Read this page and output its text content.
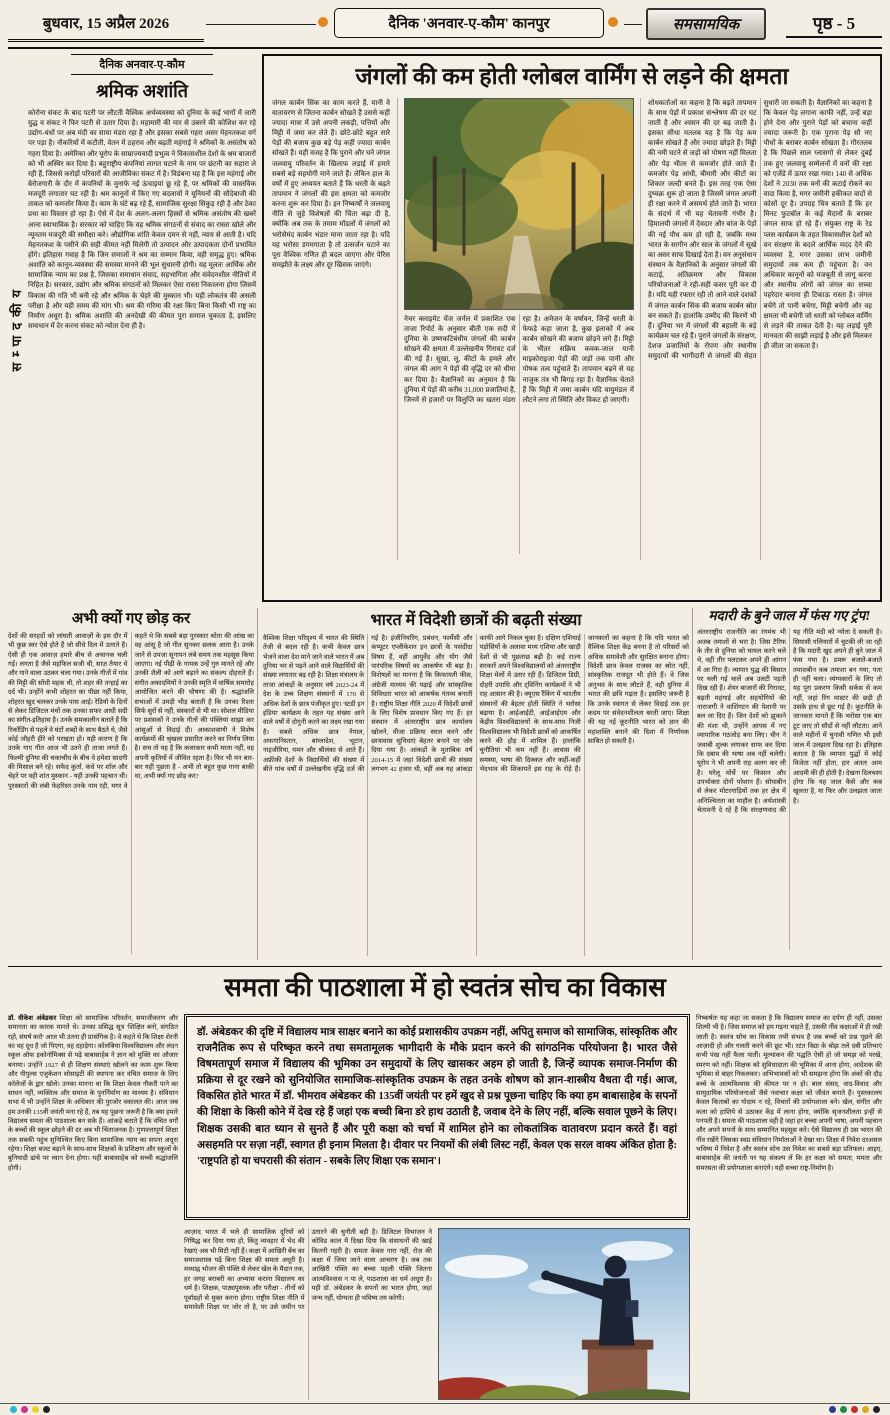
बुधवार, 15 अप्रैल 2026	दैनिक 'अनवार-ए-कौम' कानपुर	समसामयिक	पृष्ठ - 5
सम्पादकीय
दैनिक अनवार-ए-कौम
श्रमिक अशांति
कोरोना संकट के बाद पटरी पर लौटती वैश्विक अर्थव्यवस्था को दुनिया के कई भागों में जारी युद्ध व संकट ने फिर पटरी से उतार दिया है। महामारी की मार से उबरने की कोशिश कर रहे उद्योग-धंधों पर अब मंदी का साया मंडरा रहा है और इसका सबसे गहरा असर मेहनतकश वर्ग पर पड़ा है। नौकरियों में कटौती, वेतन में ठहराव और बढ़ती महंगाई ने श्रमिकों के असंतोष को गहरा दिया है। अमेरिका और यूरोप के साम्राज्यवादी प्रभुत्व ने विकासशील देशों के श्रम बाजारों को भी अस्थिर कर दिया है। बहुराष्ट्रीय कंपनियां लागत घटाने के नाम पर छंटनी का सहारा ले रही हैं, जिससे करोड़ों परिवारों की आजीविका संकट में है। विडंबना यह है कि इस महंगाई और बेरोजगारी के दौर में कंपनियों के मुनाफे नई ऊंचाइयां छू रहे हैं, पर श्रमिकों की वास्तविक मजदूरी लगातार घट रही है। श्रम कानूनों में किए गए बदलावों ने यूनियनों की सौदेबाजी की ताकत को कमजोर किया है। काम के घंटे बढ़ रहे हैं, सामाजिक सुरक्षा सिकुड़ रही है और ठेका प्रथा का विस्तार हो रहा है। ऐसे में देश के अलग-अलग हिस्सों से श्रमिक असंतोष की खबरें आना स्वाभाविक है। सरकार को चाहिए कि वह श्रमिक संगठनों से संवाद का रास्ता खोले और न्यूनतम मजदूरी की समीक्षा करे। औद्योगिक शांति केवल दमन से नहीं, न्याय से आती है। यदि मेहनतकश के पसीने की सही कीमत नहीं मिलेगी तो उत्पादन और उत्पादकता दोनों प्रभावित होंगे। इतिहास गवाह है कि जिन समाजों ने श्रम का सम्मान किया, वही समृद्ध हुए। श्रमिक अशांति को कानून-व्यवस्था की समस्या मानने की भूल सुधारनी होगी। यह मूलतः आर्थिक और सामाजिक न्याय का प्रश्न है, जिसका समाधान संवाद, सहभागिता और संवेदनशील नीतियों में निहित है। सरकार, उद्योग और श्रमिक संगठनों को मिलकर ऐसा रास्ता निकालना होगा जिसमें विकास की गति भी बनी रहे और श्रमिक के चेहरे की मुस्कान भी। यही लोकतंत्र की असली परीक्षा है और यही समय की मांग भी। श्रम की गरिमा की रक्षा किए बिना किसी भी राष्ट्र का निर्माण अधूरा है। श्रमिक अशांति की अनदेखी की कीमत पूरा समाज चुकाता है, इसलिए समाधान में देर करना संकट को न्योता देना ही है।
जंगलों की कम होती ग्लोबल वार्मिंग से लड़ने की क्षमता
जंगल कार्बन सिंक का काम करते हैं, यानी वे वातावरण से जितना कार्बन सोखते हैं उससे कहीं ज्यादा मात्रा में उसे अपनी लकड़ी, पत्तियों और मिट्टी में जमा कर लेते हैं। छोटे-छोटे बहुत सारे पेड़ों की बजाय कुछ बड़े पेड़ कहीं ज्यादा कार्बन सोखते हैं। यही वजह है कि पुराने और घने जंगल जलवायु परिवर्तन के खिलाफ लड़ाई में हमारे सबसे बड़े सहयोगी माने जाते हैं। लेकिन हाल के वर्षों में हुए अध्ययन बताते हैं कि धरती के बढ़ते तापमान ने जंगलों की इस क्षमता को कमजोर करना शुरू कर दिया है। इन निष्कर्षों ने जलवायु नीति से जुड़े विशेषज्ञों की चिंता बढ़ा दी है, क्योंकि अब तक के तमाम मॉडलों में जंगलों को भरोसेमंद कार्बन भंडार माना जाता रहा है। यदि यह भरोसा डगमगाता है तो उत्सर्जन घटाने का पूरा वैश्विक गणित ही बदल जाएगा और पेरिस समझौते के लक्ष्य और दूर खिसक जाएंगे।
नेचर क्लाइमेट चेंज जर्नल में प्रकाशित एक ताजा रिपोर्ट के अनुसार बीती एक सदी में दुनिया के उष्णकटिबंधीय जंगलों की कार्बन सोखने की क्षमता में उल्लेखनीय गिरावट दर्ज की गई है। सूखा, लू, कीटों के हमले और जंगल की आग ने पेड़ों की वृद्धि दर को धीमा कर दिया है। वैज्ञानिकों का अनुमान है कि दुनिया में पेड़ों की करीब 31,000 प्रजातियां हैं, जिनमें से हजारों पर विलुप्ति का खतरा मंडरा रहा है। अमेजन के वर्षावन, जिन्हें धरती के फेफड़े कहा जाता है, कुछ इलाकों में अब कार्बन सोखने की बजाय छोड़ने लगे हैं। मिट्टी के भीतर सक्रिय कवक-जाल यानी माइकोराइजा पेड़ों की जड़ों तक पानी और पोषक तत्व पहुंचाते हैं। तापमान बढ़ने से यह नाजुक तंत्र भी बिगड़ रहा है। वैज्ञानिक चेताते हैं कि मिट्टी में जमा कार्बन यदि वायुमंडल में लौटने लगा तो स्थिति और विकट हो जाएगी।
शोधकर्ताओं का कहना है कि बढ़ते तापमान के साथ पेड़ों में प्रकाश संश्लेषण की दर घट जाती है और श्वसन की दर बढ़ जाती है। इसका सीधा मतलब यह है कि पेड़ कम कार्बन सोखते हैं और ज्यादा छोड़ते हैं। मिट्टी की नमी घटने से जड़ों को पोषण नहीं मिलता और पेड़ भीतर से कमजोर होते जाते हैं। कमजोर पेड़ आंधी, बीमारी और कीटों का शिकार जल्दी बनते हैं। इस तरह एक ऐसा दुष्चक्र शुरू हो जाता है जिसमें जंगल अपनी ही रक्षा करने में असमर्थ होते जाते हैं। भारत के संदर्भ में भी यह चेतावनी गंभीर है। हिमालयी जंगलों में देवदार और बांज के पेड़ों की नई पौध कम हो रही है, जबकि मध्य भारत के सागौन और साल के जंगलों में सूखे का असर साफ दिखाई देता है। वन अनुसंधान संस्थान के वैज्ञानिकों के अनुसार जंगलों की कटाई, अतिक्रमण और विकास परियोजनाओं ने रही-सही कसर पूरी कर दी है। यदि यही रफ्तार रही तो आने वाले दशकों में जंगल कार्बन सिंक की बजाय कार्बन स्रोत बन सकते हैं। हालांकि उम्मीद की किरणें भी हैं। दुनिया भर में जंगलों की बहाली के बड़े कार्यक्रम चल रहे हैं। पुराने जंगलों के संरक्षण, देशज प्रजातियों के रोपण और स्थानीय समुदायों की भागीदारी से जंगलों की सेहत सुधारी जा सकती है। वैज्ञानिकों का कहना है कि केवल पेड़ लगाना काफी नहीं, उन्हें बड़ा होने देना और पुराने पेड़ों को बचाना कहीं ज्यादा जरूरी है। एक पुराना पेड़ सौ नए पौधों के बराबर कार्बन सोखता है। गौरतलब है कि पिछले साल ग्लासगो से लेकर दुबई तक हुए जलवायु सम्मेलनों में वनों की रक्षा को एजेंडे में ऊपर रखा गया। 140 से अधिक देशों ने 2030 तक वनों की कटाई रोकने का वादा किया है, मगर जमीनी हकीकत वादों से कोसों दूर है। उपग्रह चित्र बताते हैं कि हर मिनट फुटबॉल के कई मैदानों के बराबर जंगल साफ हो रहे हैं। संयुक्त राष्ट्र के रेड प्लस कार्यक्रम के तहत विकासशील देशों को वन संरक्षण के बदले आर्थिक मदद देने की व्यवस्था है, मगर उसका लाभ जमीनी समुदायों तक कम ही पहुंचता है। वन अधिकार कानूनों को मजबूती से लागू करना और स्थानीय लोगों को जंगल का सच्चा पहरेदार बनाना ही टिकाऊ रास्ता है। जंगल बचेंगे तो पानी बचेगा, मिट्टी बचेगी और वह क्षमता भी बचेगी जो धरती को ग्लोबल वार्मिंग से लड़ने की ताकत देती है। यह लड़ाई पूरी मानवता की साझी लड़ाई है और इसे मिलकर ही जीता जा सकता है।
अभी क्यों गए छोड़ कर
देशों की सरहदों को लांघती आवाज़ों के इस दौर में भी कुछ स्वर ऐसे होते हैं जो सीधे दिल में उतरते हैं। ऐसी ही एक आवाज़ हमारे बीच से अचानक चली गई। लगता है जैसे महफिल सजी थी, साज़ तैयार थे और गाने वाला उठकर चला गया। उनके गीतों में गांव की मिट्टी की सोंधी महक थी, तो शहर की तन्हाई का दर्द भी। उन्होंने कभी शोहरत का पीछा नहीं किया, शोहरत खुद चलकर उनके पास आई। रेडियो के दिनों से लेकर डिजिटल मंचों तक उनका सफर आधी सदी का संगीत-इतिहास है। उनके समकालीन बताते हैं कि रिकॉर्डिंग से पहले वे घंटों शब्दों के साथ बैठते थे, जैसे कोई जौहरी हीरे को परखता हो। यही कारण है कि उनके गाए गीत आज भी उतने ही ताजा लगते हैं। फिल्मी दुनिया की चकाचौंध के बीच वे हमेशा सादगी की मिसाल बने रहे। सफेद कुर्ता, कंधे पर शॉल और चेहरे पर वही शांत मुस्कान - यही उनकी पहचान थी। पुरस्कारों की लंबी फेहरिस्त उनके नाम रही, मगर वे कहते थे कि सबसे बड़ा पुरस्कार श्रोता की आंख का वह आंसू है जो गीत सुनकर छलक आता है। उनके जाने से उपजा सूनापन लंबे समय तक महसूस किया जाएगा। नई पीढ़ी के गायक उन्हें गुरु मानते रहे और उनकी शैली को आगे बढ़ाने का संकल्प दोहराते हैं। संगीत अकादमियों ने उनकी स्मृति में वार्षिक समारोह आयोजित करने की घोषणा की है। श्रद्धांजलि सभाओं में उमड़ी भीड़ बताती है कि उनका रिश्ता सिर्फ सुरों से नहीं, संस्कारों से भी था। सोशल मीडिया पर प्रशंसकों ने उनके गीतों की पंक्तियां साझा कर आंसुओं से विदाई दी। आकाशवाणी ने विशेष कार्यक्रमों की श्रृंखला प्रसारित करने का निर्णय लिया है। सच तो यह है कि कलाकार कभी मरता नहीं, वह अपनी कृतियों में जीवित रहता है। फिर भी मन बार-बार यही पूछता है - अभी तो बहुत कुछ गाना बाकी था, अभी क्यों गए छोड़ कर?
भारत में विदेशी छात्रों की बढ़ती संख्या
वैश्विक शिक्षा परिदृश्य में भारत की स्थिति तेजी से बदल रही है। कभी केवल छात्र भेजने वाला देश माने जाने वाले भारत में अब दुनिया भर से पढ़ने आने वाले विद्यार्थियों की संख्या लगातार बढ़ रही है। शिक्षा मंत्रालय के ताजा आंकड़ों के अनुसार वर्ष 2023-24 में देश के उच्च शिक्षण संस्थानों में 170 से अधिक देशों के छात्र पंजीकृत हुए। 'स्टडी इन इंडिया' कार्यक्रम के तहत यह संख्या आने वाले वर्षों में दोगुनी करने का लक्ष्य रखा गया है। सबसे अधिक छात्र नेपाल, अफगानिस्तान, बांग्लादेश, भूटान, नाइजीरिया, यमन और श्रीलंका से आते हैं। अफ्रीकी देशों के विद्यार्थियों की संख्या में बीते पांच वर्षों में उल्लेखनीय वृद्धि दर्ज की गई है। इंजीनियरिंग, प्रबंधन, फार्मेसी और कंप्यूटर एप्लीकेशन इन छात्रों के पसंदीदा विषय हैं, वहीं आयुर्वेद और योग जैसे पारंपरिक विषयों का आकर्षण भी बढ़ा है। विशेषज्ञों का मानना है कि किफायती फीस, अंग्रेजी माध्यम की पढ़ाई और सांस्कृतिक विविधता भारत को आकर्षक गंतव्य बनाती है। राष्ट्रीय शिक्षा नीति 2020 में विदेशी छात्रों के लिए विशेष प्रावधान किए गए हैं। हर संस्थान में अंतरराष्ट्रीय छात्र कार्यालय खोलने, वीजा प्रक्रिया सरल करने और छात्रावास सुविधाएं बेहतर बनाने पर जोर दिया गया है। आंकड़ों के मुताबिक वर्ष 2014-15 में जहां विदेशी छात्रों की संख्या लगभग 42 हजार थी, वहीं अब यह आंकड़ा काफी आगे निकल चुका है। दक्षिण एशियाई पड़ोसियों के अलावा मध्य एशिया और खाड़ी देशों से भी पूछताछ बढ़ी है। कई राज्य सरकारें अपने विश्वविद्यालयों को अंतरराष्ट्रीय शिक्षा मेलों में उतार रही हैं। डिजिटल डिग्री, दोहरी उपाधि और ट्विनिंग कार्यक्रमों ने भी राह आसान की है। क्यूएस रैंकिंग में भारतीय संस्थानों की बेहतर होती स्थिति ने भरोसा बढ़ाया है। आईआईटी, आईआईएम और केंद्रीय विश्वविद्यालयों के साथ-साथ निजी विश्वविद्यालय भी विदेशी छात्रों को आकर्षित करने की होड़ में शामिल हैं। हालांकि चुनौतियां भी कम नहीं हैं। आवास की समस्या, भाषा की दिक्कत और कहीं-कहीं भेदभाव की शिकायतें इस राह के रोड़े हैं। जानकारों का कहना है कि यदि भारत को वैश्विक शिक्षा केंद्र बनना है तो परिसरों को अधिक समावेशी और सुरक्षित बनाना होगा। विदेशी छात्र केवल राजस्व का स्रोत नहीं, सांस्कृतिक राजदूत भी होते हैं। वे जिस अनुभव के साथ लौटते हैं, वही दुनिया में भारत की छवि गढ़ता है। इसलिए जरूरी है कि उनके स्वागत से लेकर विदाई तक हर कदम पर संवेदनशीलता बरती जाए। शिक्षा की यह नई कूटनीति भारत को ज्ञान की महाशक्ति बनाने की दिशा में निर्णायक साबित हो सकती है।
मदारी के बुने जाल में फंस गए ट्रंप!
अंतरराष्ट्रीय राजनीति का रंगमंच भी अजब तमाशों से भरा है। जिस टैरिफ के तीर से दुनिया को घायल करने चले थे, वही तीर पलटकर अपने ही आंगन में आ गिरा है। व्यापार युद्ध की बिसात पर चली गई चालें अब उलटी पड़ती दिख रही हैं। शेयर बाजारों की गिरावट, बढ़ती महंगाई और सहयोगियों की नाराजगी ने वाशिंगटन की पेशानी पर बल ला दिए हैं। जिन देशों को झुकाने की मंशा थी, उन्होंने आपस में नए व्यापारिक गठजोड़ बना लिए। चीन ने जवाबी शुल्क लगाकर साफ कर दिया कि दबाव की भाषा अब नहीं चलेगी। यूरोप ने भी अपनी राह अलग कर ली है। घरेलू मोर्चे पर किसान और उपभोक्ता दोनों परेशान हैं। सोयाबीन से लेकर मोटरगाड़ियों तक हर क्षेत्र में अनिश्चितता का माहौल है। अर्थशास्त्री चेतावनी दे रहे हैं कि संरक्षणवाद की यह नीति मंदी को न्योता दे सकती है। सियासी गलियारों में चुटकी ली जा रही है कि मदारी खुद अपने ही बुने जाल में फंस गया है। डमरू बजाते-बजाते तमाशबीन कब तमाशा बन गया, पता ही नहीं चला। व्यंग्यकारों के लिए तो यह पूरा प्रकरण किसी सर्कस से कम नहीं, जहां रिंग मास्टर की छड़ी ही उसके हाथ से छूट गई है। कूटनीति के जानकार मानते हैं कि भरोसा एक बार टूट जाए तो सौदों से नहीं लौटता। आने वाले महीनों में चुनावी गणित भी इसी जाल में उलझता दिख रहा है। इतिहास बताता है कि व्यापार युद्धों में कोई विजेता नहीं होता, हार अंततः आम आदमी की ही होती है। देखना दिलचस्प होगा कि यह जाल कैसे और कब खुलता है, या फिर और उलझता जाता है।
समता की पाठशाला में हो स्वतंत्र सोच का विकास
डॉ. वीकेश अंबेडकर शिक्षा को सामाजिक परिवर्तन, समाजीकरण और समानता का कारक मानते थे। उनका प्रसिद्ध सूत्र 'शिक्षित बनो, संगठित रहो, संघर्ष करो' आज भी उतना ही प्रासंगिक है। वे कहते थे कि शिक्षा शेरनी का वह दूध है जो पिएगा, वह दहाड़ेगा। कोलंबिया विश्वविद्यालय और लंदन स्कूल ऑफ इकोनॉमिक्स से पढ़े बाबासाहेब ने ज्ञान को मुक्ति का औजार बनाया। उन्होंने 1927 से ही शिक्षण संस्थाएं खोलने का काम शुरू किया और पीपुल्स एजुकेशन सोसाइटी की स्थापना कर वंचित समाज के लिए कॉलेजों के द्वार खोले। उनका मानना था कि शिक्षा केवल नौकरी पाने का साधन नहीं, व्यक्तित्व और समाज के पुनर्निर्माण का माध्यम है। संविधान सभा में भी उन्होंने शिक्षा के अधिकार की पुरजोर वकालत की। आज जब हम उनकी 135वीं जयंती मना रहे हैं, तब यह पूछना जरूरी है कि क्या हमारे विद्यालय समता की पाठशाला बन सके हैं। आंकड़े बताते हैं कि वंचित वर्गों के बच्चों की स्कूल छोड़ने की दर अब भी चिंताजनक है। गुणवत्तापूर्ण शिक्षा तक सबकी पहुंच सुनिश्चित किए बिना सामाजिक न्याय का सपना अधूरा रहेगा। शिक्षा बजट बढ़ाने के साथ-साथ शिक्षकों के प्रशिक्षण और स्कूलों के बुनियादी ढांचे पर ध्यान देना होगा। यही बाबासाहेब को सच्ची श्रद्धांजलि होगी।
डॉ. अंबेडकर की दृष्टि में विद्यालय मात्र साक्षर बनाने का कोई प्रशासकीय उपक्रम नहीं, अपितु समाज को सामाजिक, सांस्कृतिक और राजनैतिक रूप से परिष्कृत करने तथा समतामूलक भागीदारी के मौके प्रदान करने की सांगठनिक परियोजना है। भारत जैसे विषमतापूर्ण समाज में विद्यालय की भूमिका उन समुदायों के लिए खासकर अहम हो जाती है, जिन्हें व्यापक समाज-निर्माण की प्रक्रिया से दूर रखने को सुनियोजित सामाजिक-सांस्कृतिक उपक्रम के तहत उनके शोषण को ज्ञान-शास्त्रीय वैधता दी गई। आज, विकसित होते भारत में डॉ. भीमराव अंबेडकर की 135वीं जयंती पर हमें खुद से प्रश्न पूछना चाहिए कि क्या हम बाबासाहेब के सपनों की शिक्षा के किसी कोने में देख रहे हैं जहां एक बच्ची बिना डरे हाथ उठाती है, जवाब देने के लिए नहीं, बल्कि सवाल पूछने के लिए। शिक्षक उसकी बात ध्यान से सुनते हैं और पूरी कक्षा को चर्चा में शामिल होने का लोकतांत्रिक वातावरण प्रदान करते हैं। वहां असहमति पर सज़ा नहीं, स्वागत ही इनाम मिलता है। दीवार पर नियमों की लंबी लिस्ट नहीं, केवल एक सरल वाक्य अंकित होता है: 'राष्ट्रपति हो या चपरासी की संतान - सबके लिए शिक्षा एक समान'।
निष्कर्षतः यह कहा जा सकता है कि विद्यालय समाज का दर्पण ही नहीं, उसका शिल्पी भी है। जिस समाज को हम गढ़ना चाहते हैं, उसकी नींव कक्षाओं में ही रखी जाती है। स्वतंत्र सोच का विकास तभी संभव है जब बच्चों को प्रश्न पूछने की आज़ादी हो और गलती करने की छूट भी। रटंत विद्या के बोझ तले दबी प्रतिभाएं कभी पंख नहीं फैला पातीं। मूल्यांकन की पद्धति ऐसी हो जो समझ को परखे, स्मरण को नहीं। शिक्षक को सुविधादाता की भूमिका में आना होगा, आदेशक की भूमिका से बाहर निकलकर। अभिभावकों को भी समझना होगा कि अंकों की दौड़ बच्चे के आत्मविश्वास की कीमत पर न हो। बाल संसद, वाद-विवाद और सामुदायिक परियोजनाओं जैसे नवाचार कक्षा को जीवंत बनाते हैं। पुस्तकालय केवल किताबों का गोदाम न रहे, विचारों की प्रयोगशाला बने। खेल, संगीत और कला को हाशिये से उठाकर केंद्र में लाना होगा, क्योंकि सृजनशीलता इन्हीं से पनपती है। समता की पाठशाला वही है जहां हर बच्चा अपनी भाषा, अपनी पहचान और अपने सपनों के साथ सम्मानित महसूस करे। ऐसे विद्यालय ही उस भारत की नींव रखेंगे जिसका स्वप्न संविधान निर्माताओं ने देखा था। शिक्षा में निवेश दरअसल भविष्य में निवेश है और स्वतंत्र सोच उस निवेश का सबसे बड़ा प्रतिफल। आइए, बाबासाहेब की जयंती पर यह संकल्प लें कि हर कक्षा को समता, ममता और समरसता की प्रयोगशाला बनाएंगे। यही सच्चा राष्ट्र-निर्माण है।
आज़ाद भारत में भले ही सामाजिक दूरियों को निषिद्ध कर दिया गया हो, किंतु व्यवहार में भेद की रेखाएं अब भी मिटी नहीं हैं। कक्षा में आखिरी बेंच का समाजशास्त्र पढ़े बिना शिक्षा की समता अधूरी है। मध्याह्न भोजन की पंक्ति से लेकर खेल के मैदान तक, हर जगह बराबरी का अभ्यास कराना विद्यालय का धर्म है। शिक्षक, पाठ्यपुस्तक और परीक्षा - तीनों को पूर्वाग्रहों से मुक्त करना होगा। राष्ट्रीय शिक्षा नीति में समावेशी शिक्षा पर जोर तो है, पर उसे जमीन पर उतारने की चुनौती बड़ी है। डिजिटल विभाजन ने कोविड काल में दिखा दिया कि संसाधनों की खाई कितनी गहरी है। समता केवल नारा नहीं, रोज़ की कक्षा में जिया जाने वाला आचरण है। जब तक आखिरी पंक्ति का बच्चा पहली पंक्ति जितना आत्मविश्वास न पा ले, पाठशाला का धर्म अधूरा है। यही डॉ. अंबेडकर के सपनों का भारत होगा, जहां जन्म नहीं, योग्यता ही भविष्य तय करेगी।
